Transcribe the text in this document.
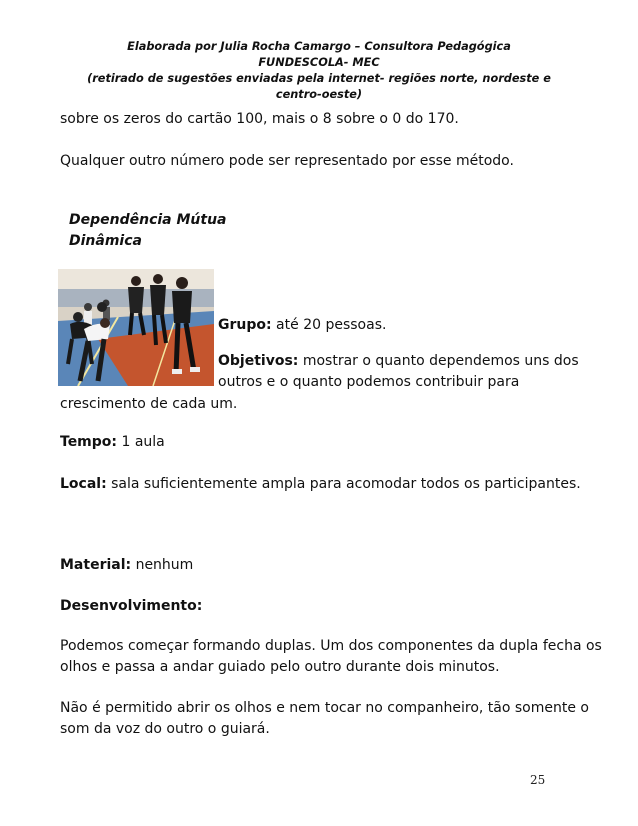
Elaborada por Julia Rocha Camargo – Consultora Pedagógica
FUNDESCOLA- MEC
(retirado de sugestões enviadas pela internet- regiões norte, nordeste e
centro-oeste)
sobre os zeros do cartão 100, mais o 8 sobre o 0 do 170.
Qualquer outro número pode ser representado por esse método.
Dependência Mútua
Dinâmica
Grupo: até 20 pessoas.
Objetivos: mostrar o quanto dependemos uns dos
outros e o quanto podemos contribuir para
crescimento de cada um.
Tempo: 1 aula
Local: sala suficientemente ampla para acomodar todos os participantes.
Material: nenhum
Desenvolvimento:
Podemos começar formando duplas. Um dos componentes da dupla fecha os
olhos e passa a andar guiado pelo outro durante dois minutos.
Não é permitido abrir os olhos e nem tocar no companheiro, tão somente o
som da voz do outro o guiará.
25
